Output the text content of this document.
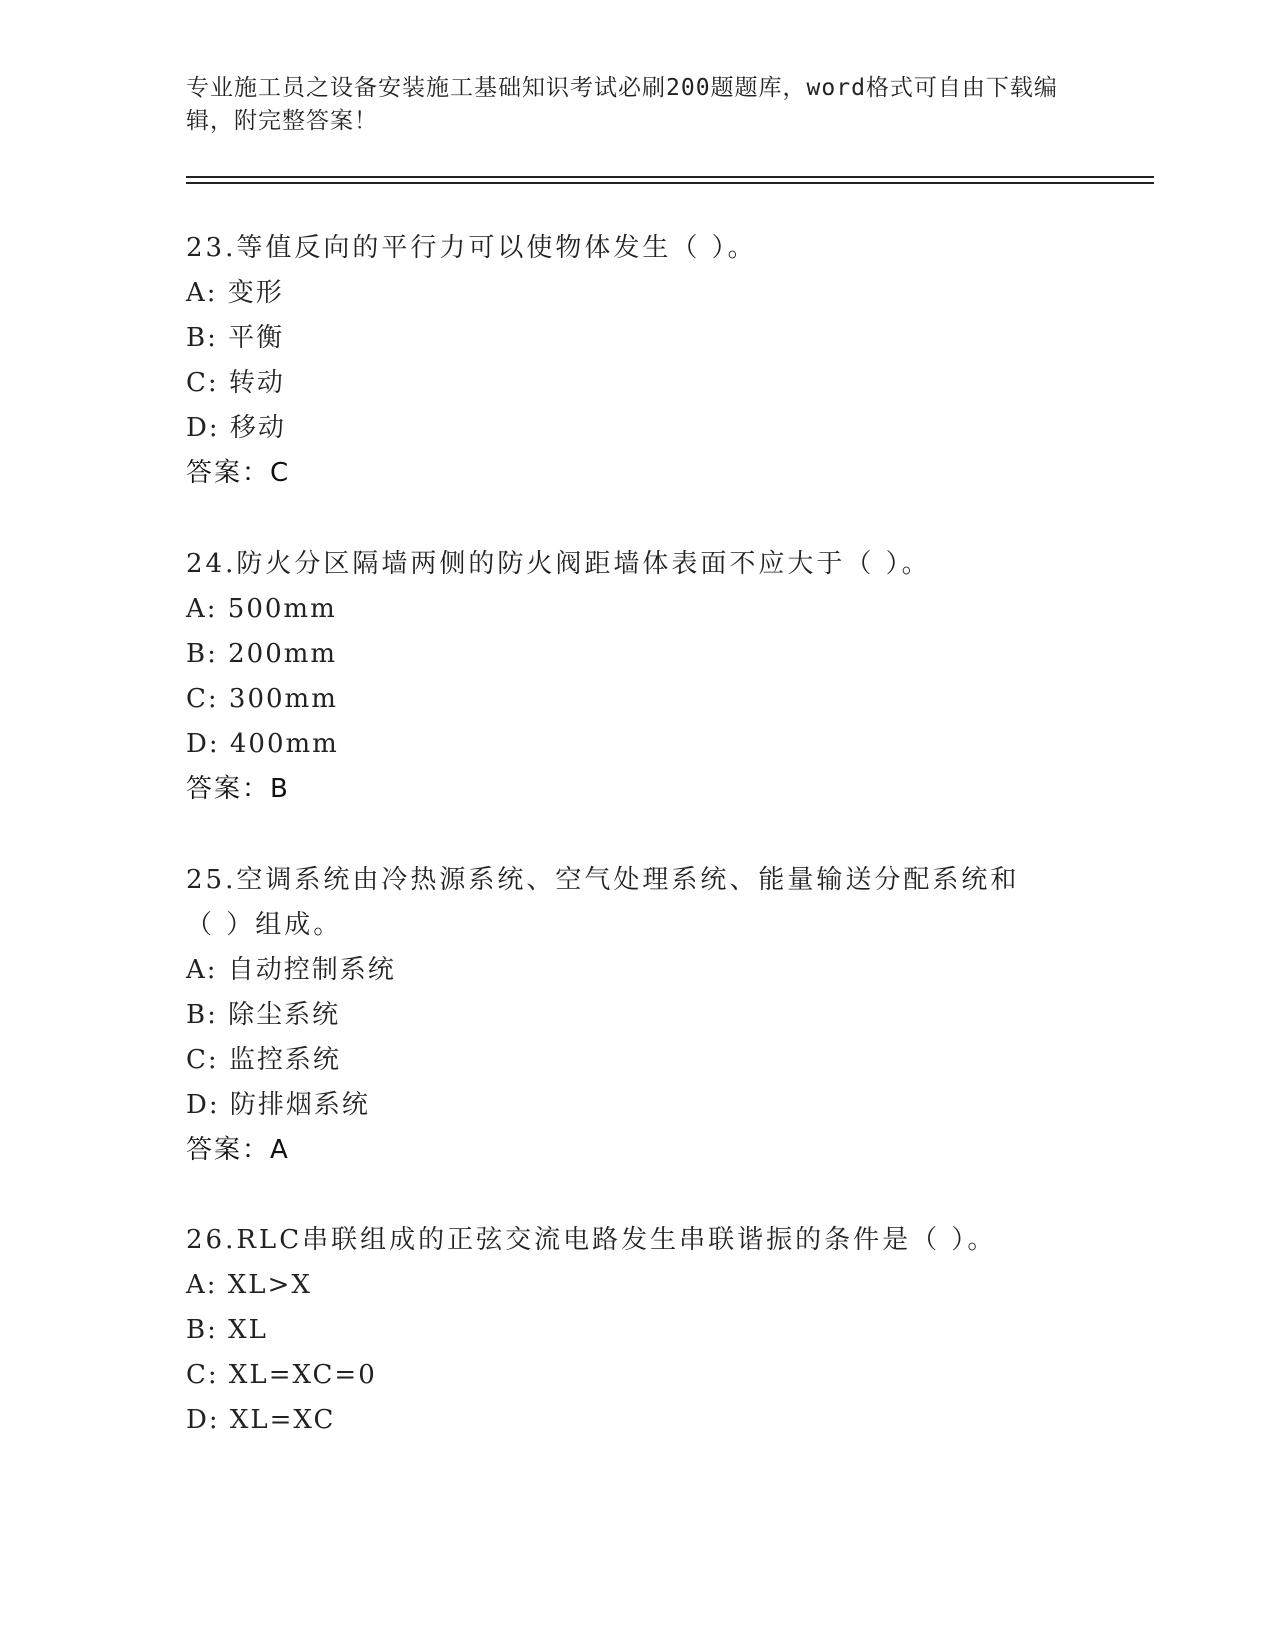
专业施工员之设备安装施工基础知识考试必刷200题题库，word格式可自由下载编辑，附完整答案！
23.等值反向的平行力可以使物体发生（ ）。
A: 变形
B: 平衡
C: 转动
D: 移动
答案：C
24.防火分区隔墙两侧的防火阀距墙体表面不应大于（ ）。
A: 500mm
B: 200mm
C: 300mm
D: 400mm
答案：B
25.空调系统由冷热源系统、空气处理系统、能量输送分配系统和（ ）组成。
A: 自动控制系统
B: 除尘系统
C: 监控系统
D: 防排烟系统
答案：A
26.RLC串联组成的正弦交流电路发生串联谐振的条件是（ ）。
A: XL>X
B: XL
C: XL=XC=0
D: XL=XC
